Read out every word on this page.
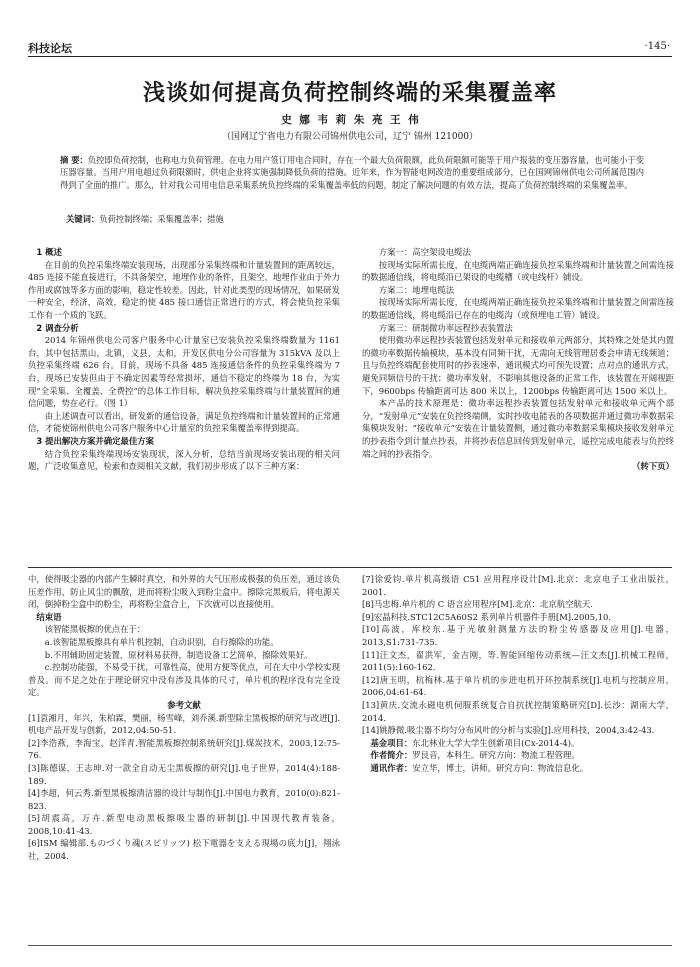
科技论坛	·145·
浅谈如何提高负荷控制终端的采集覆盖率
史 娜 韦 莉 朱 亮 王 伟
（国网辽宁省电力有限公司锦州供电公司，辽宁 锦州 121000）
摘 要：负控即负荷控制，也称电力负荷管理。在电力用户签订用电合同时，存在一个最大负荷限额，此负荷限额可能等于用户报装的变压器容量，也可能小于变压器容量。当用户用电超过负荷限额时，供电企业将实施强制降低负荷的措施。近年来，作为智能电网改造的重要组成部分，已在国网锦州供电公司所属范围内得到了全面的推广。那么，针对我公司用电信息采集系统负控终端的采集覆盖率低的问题，制定了解决问题的有效方法，提高了负荷控制终端的采集覆盖率。
关键词：负荷控制终端；采集覆盖率；措施

1 概述

在目前的负控采集终端安装现场，出现部分采集终端和计量装置间的距离较远，485 连接不能直接进行，不具备架空，地埋作业的条件，且架空，地埋作业由于外力作用或腐蚀等多方面的影响，稳定性较差。因此，针对此类型的现场情况，如果研发一种安全，经济，高效，稳定的使 485 接口通信正常进行的方式，将会使负控采集工作有一个质的飞跃。

2 调查分析

2014 年锦州供电公司客户服务中心计量室已安装负控采集终端数量为 1161 台，其中包括黑山，北镇，义县，太和，开发区供电分公司容量为 315kVA 及以上负控采集终端 626 台。目前，现场不具备 485 连接通信条件的负控采集终端为 7 台，现场已安装但由于不确定因素等经常损坏，通信不稳定的终端为 18 台，为实现“全采集、全覆盖、全费控”的总体工作目标，解决负控采集终端与计量装置间的通信问题，势在必行。（图 1）

由上述调查可以看出，研发新的通信设备，满足负控终端和计量装置间的正常通信，才能使锦州供电公司客户服务中心计量室的负控采集覆盖率得到提高。

3 提出解决方案并确定最佳方案

结合负控采集终端现场安装现状，深入分析，总结当前现场安装出现的相关问题，广泛收集意见，检索和查阅相关文献，我们初步形成了以下三种方案：

方案一：高空架设电缆法

按现场实际所需长度，在电缆两端正确连接负控采集终端和计量装置之间需连接的数据通信线，将电缆沿已架设的电缆槽（或电线杆）铺设。

方案二：地埋电缆法

按现场实际所需长度，在电缆两端正确连接负控采集终端和计量装置之间需连接的数据通信线，将电缆沿已存在的电缆沟（或预埋电工管）铺设。

方案三：研制微功率远程抄表装置法

使用微功率远程抄表装置包括发射单元和接收单元两部分，其特殊之处是其内置的微功率数据传输模块，基本没有同频干扰，无需向无线管理居委会申请无线频道；且与负控终端配套使用时的抄表速率，通讯模式均可预先设置；点对点的通讯方式，避免同频信号的干扰；微功率发射，不影响其他设备的正常工作，该装置在开阔视距下，9600bps 传输距离可达 800 米以上，1200bps 传输距离可达 1500 米以上。

本产品的技术原理是：微功率远程抄表装置包括发射单元和接收单元两个部分，“发射单元”安装在负控终端侧，实时抄收电能表的各项数据并通过微功率数据采集模块发射；“接收单元”安装在计量装置侧，通过微功率数据采集模块接收发射单元的抄表指令到计量点抄表，并将抄表信息回传到发射单元，遥控完成电能表与负控终端之间的抄表指令。

（转下页）

中，使得吸尘器的内部产生瞬时真空，和外界的大气压形成极强的负压差，通过该负压差作用，防止风尘的飘散，进而将粉尘吸入到粉尘盒中。擦除完黑板后，将电源关闭，倒掉粉尘盒中的粉尘，再将粉尘盒合上，下次就可以直接使用。

结束语

该智能黑板擦的优点在于：

a.该智能黑板擦具有单片机控制，自动识别，自行擦除的功能。

b.不用辅助固定装置，原材料易获得，制造设备工艺简单，擦除效果好。

c.控制功能强，不易受干扰，可靠性高，使用方便等优点，可在大中小学校实现普及。而不足之处在于理论研究中没有涉及具体的尺寸，单片机的程序没有完全设定。

参考文献

[1]袁湘月，年兴，朱柏霖，樊丽，杨雪峰，刘乔溪.新型除尘黑板擦的研究与改进[J].机电产品开发与创新，2012,04:50-51.

[2]李浩燕，李海宝，赵洋青.智能黑板擦控制系统研究[J].煤炭技术，2003,12:75-76.

[3]陈德谋，王志坤.对一款全自动无尘黑板擦的研究[J].电子世界，2014(4):188-189.

[4]李超，何云秀.新型黑板擦清洁器的设计与制作[J].中国电力教育，2010(0):821-823.

[5]胡震高，万卉.新型电动黑板擦吸尘器的研制[J].中国现代教育装备，2008,10:41-43.

[6]ISM 编辑部.ものづくり魂(スピリッツ) 松下電器を支える現場の底力[J]，翔泳社，2004.

[7]徐爱钧.单片机高级语 C51 应用程序设计[M].北京：北京电子工业出版社，2001.

[8]马忠梅.单片机的 C 语言应用程序[M].北京：北京航空航天.

[9]宏晶科技.STC12C5A60S2 系列单片机器件手册[M].2005,10.

[10]高波，库校东.基于光敏射测量方法的粉尘传感器及应用[J].电器，2013,S1:731-735.

[11]汪文杰，翟洪军，金吉刚，等.智能回缩传动系统—汪文杰[J].机械工程师，2011(5):160-162.

[12]唐玉明，杭梅林.基于单片机的步进电机开环控制系统[J].电机与控制应用，2006,04:61-64.

[13]黄庆.交流永磁电机伺服系统复合自抗扰控制策略研究[D].长沙：湖南大学，2014.

[14]姚静微.吸尘器不均匀分布风叶的分析与实验[J].应用科技，2004,3:42-43.

基金项目：东北林业大学大学生创新项目(Cx-2014-4)。

作者简介：罗艮音，本科生。研究方向：物流工程管理。

通讯作者：安立华，博士，讲师。研究方向：物流信息化。
